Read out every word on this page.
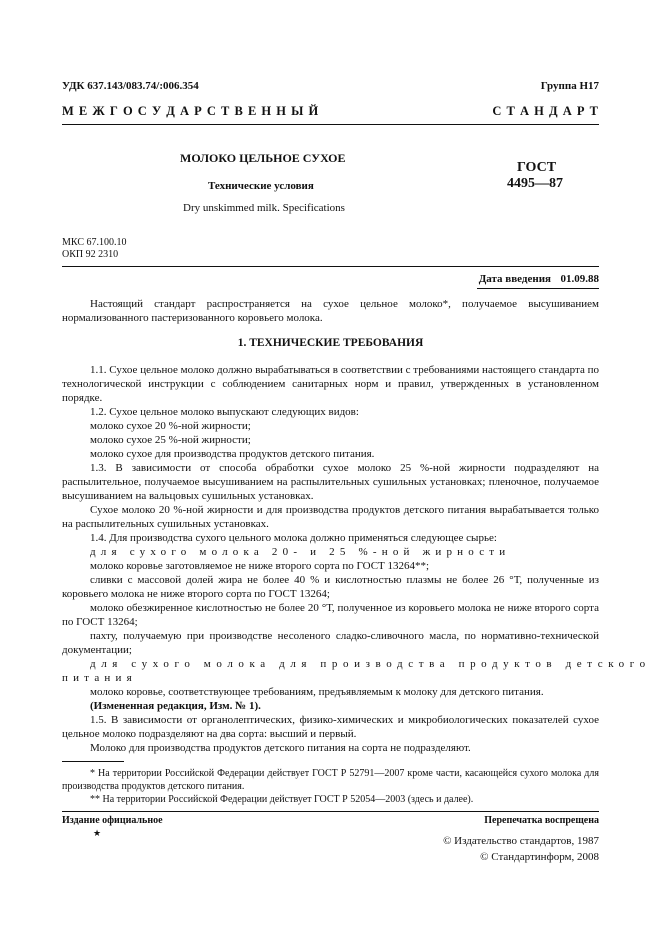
УДК 637.143/083.74/:006.354	Группа Н17
М Е Ж Г О С У Д А Р С Т В Е Н Н Ы Й	С Т А Н Д А Р Т
МОЛОКО ЦЕЛЬНОЕ СУХОЕ
Технические условия
Dry unskimmed milk. Specifications
ГОСТ
4495—87
МКС 67.100.10
ОКП 92 2310
Дата введения 01.09.88
Настоящий стандарт распространяется на сухое цельное молоко*, получаемое высушиванием нормализованного пастеризованного коровьего молока.
1. ТЕХНИЧЕСКИЕ ТРЕБОВАНИЯ
1.1. Сухое цельное молоко должно вырабатываться в соответствии с требованиями настоящего стандарта по технологической инструкции с соблюдением санитарных норм и правил, утвержденных в установленном порядке.
1.2. Сухое цельное молоко выпускают следующих видов:
молоко сухое 20 %-ной жирности;
молоко сухое 25 %-ной жирности;
молоко сухое для производства продуктов детского питания.
1.3. В зависимости от способа обработки сухое молоко 25 %-ной жирности подразделяют на распылительное, получаемое высушиванием на распылительных сушильных установках; пленочное, получаемое высушиванием на вальцовых сушильных установках.
Сухое молоко 20 %-ной жирности и для производства продуктов детского питания вырабатывается только на распылительных сушильных установках.
1.4. Для производства сухого цельного молока должно применяться следующее сырье:
для сухого молока 20- и 25 %-ной жирности
молоко коровье заготовляемое не ниже второго сорта по ГОСТ 13264**;
сливки с массовой долей жира не более 40 % и кислотностью плазмы не более 26 °Т, полученные из коровьего молока не ниже второго сорта по ГОСТ 13264;
молоко обезжиренное кислотностью не более 20 °Т, полученное из коровьего молока не ниже второго сорта по ГОСТ 13264;
пахту, получаемую при производстве несоленого сладко-сливочного масла, по нормативно-технической документации;
для сухого молока для производства продуктов детского
питания
молоко коровье, соответствующее требованиям, предъявляемым к молоку для детского питания.
(Измененная редакция, Изм. № 1).
1.5. В зависимости от органолептических, физико-химических и микробиологических показателей сухое цельное молоко подразделяют на два сорта: высший и первый.
Молоко для производства продуктов детского питания на сорта не подразделяют.
* На территории Российской Федерации действует ГОСТ Р 52791—2007 кроме части, касающейся сухого молока для производства продуктов детского питания.
** На территории Российской Федерации действует ГОСТ Р 52054—2003 (здесь и далее).
Издание официальное
★
Перепечатка воспрещена
© Издательство стандартов, 1987
© Стандартинформ, 2008
